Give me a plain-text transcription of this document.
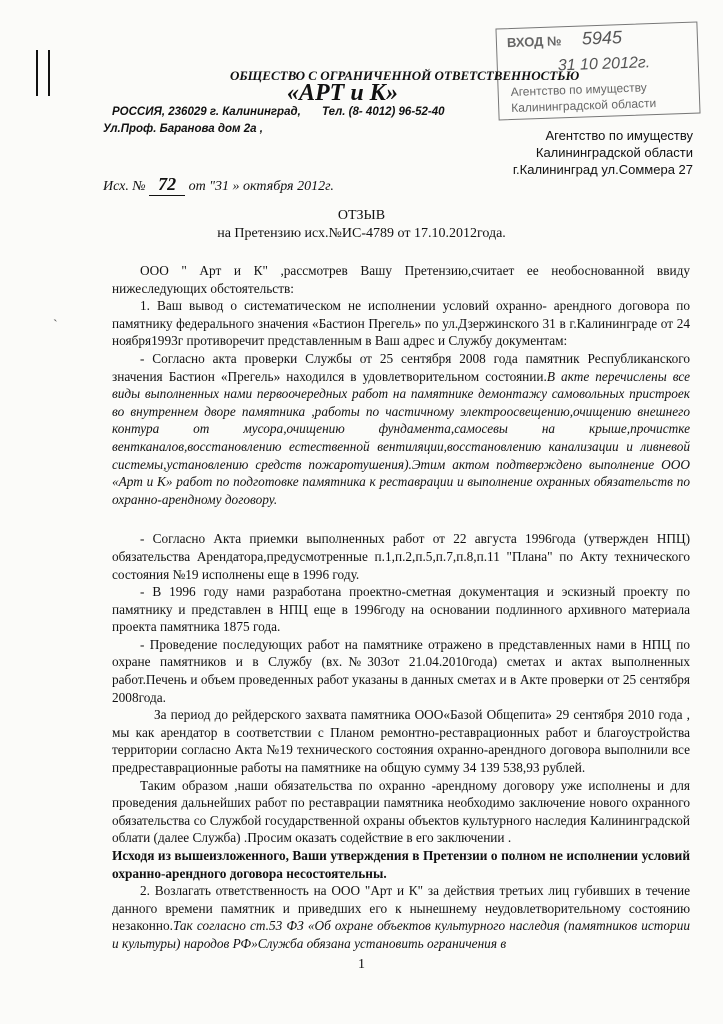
ВХОД № 5945
31 10 2012г.
Агентство по имуществу
Калининградской области
ОБЩЕСТВО С ОГРАНИЧЕННОЙ ОТВЕТСТВЕННОСТЬЮ
«АРТ и К»
РОССИЯ, 236029 г. Калининград, Тел. (8- 4012) 96-52-40
Ул.Проф. Баранова дом 2а ,	Агентство по имуществу
Калининградской области
г.Калининград ул.Соммера 27
Исх. № 72 от "31 » октября 2012г.
ОТЗЫВ
на Претензию исх.№ИС-4789 от 17.10.2012года.
ˋ

ООО " Арт и К" ,рассмотрев Вашу Претензию,считает ее необоснованной ввиду нижеследующих обстоятельств:

1. Ваш вывод о систематическом не исполнении условий охранно- арендного договора по памятнику федерального значения «Бастион Прегель» по ул.Дзержинского 31 в г.Калининграде от 24 ноября1993г противоречит представленным в Ваш адрес и Службу документам:

- Согласно акта проверки Службы от 25 сентября 2008 года памятник Республиканского значения Бастион «Прегель» находился в удовлетворительном состоянии.В акте перечислены все виды выполненных нами первоочередных работ на памятнике демонтажу самовольных пристроек во внутреннем дворе памятника ,работы по частичному электроосвещению,очищению внешнего контура от мусора,очищению фундамента,самосевы на крыше,прочистке вентканалов,восстановлению естественной вентиляции,восстановлению канализации и ливневой системы,установлению средств пожаротушения).Этим актом подтверждено выполнение ООО «Арт и К» работ по подготовке памятника к реставрации и выполнение охранных обязательств по охранно-арендному договору.

- Согласно Акта приемки выполненных работ от 22 августа 1996года (утвержден НПЦ) обязательства Арендатора,предусмотренные п.1,п.2,п.5,п.7,п.8,п.11 "Плана" по Акту технического состояния №19 исполнены еще в 1996 году.

- В 1996 году нами разработана проектно-сметная документация и эскизный проекту по памятнику и представлен в НПЦ еще в 1996году на основании подлинного архивного материала проекта памятника 1875 года.

- Проведение последующих работ на памятнике отражено в представленных нами в НПЦ по охране памятников и в Службу (вх.№303от 21.04.2010года) сметах и актах выполненных работ.Печень и объем проведенных работ указаны в данных сметах и в Акте проверки от 25 сентября 2008года.

За период до рейдерского захвата памятника ООО«Базой Общепита» 29 сентября 2010 года , мы как арендатор в соответствии с Планом ремонтно-реставрационных работ и благоустройства территории согласно Акта №19 технического состояния охранно-арендного договора выполнили все предреставрационные работы на памятнике на общую сумму 34 139 538,93 рублей.

Таким образом ,наши обязательства по охранно -арендному договору уже исполнены и для проведения дальнейших работ по реставрации памятника необходимо заключение нового охранного обязательства со Службой государственной охраны объектов культурного наследия Калининградской облати (далее Служба) .Просим оказать содействие в его заключении .

Исходя из вышеизложенного, Ваши утверждения в Претензии о полном не исполнении условий охранно-арендного договора несостоятельны.

2. Возлагать ответственность на ООО "Арт и К" за действия третьих лиц губивших в течение данного времени памятник и приведших его к нынешнему неудовлетворительному состоянию незаконно.Так согласно ст.53 ФЗ «Об охране объектов культурного наследия (памятников истории и культуры) народов РФ»Служба обязана установить ограничения в

1
